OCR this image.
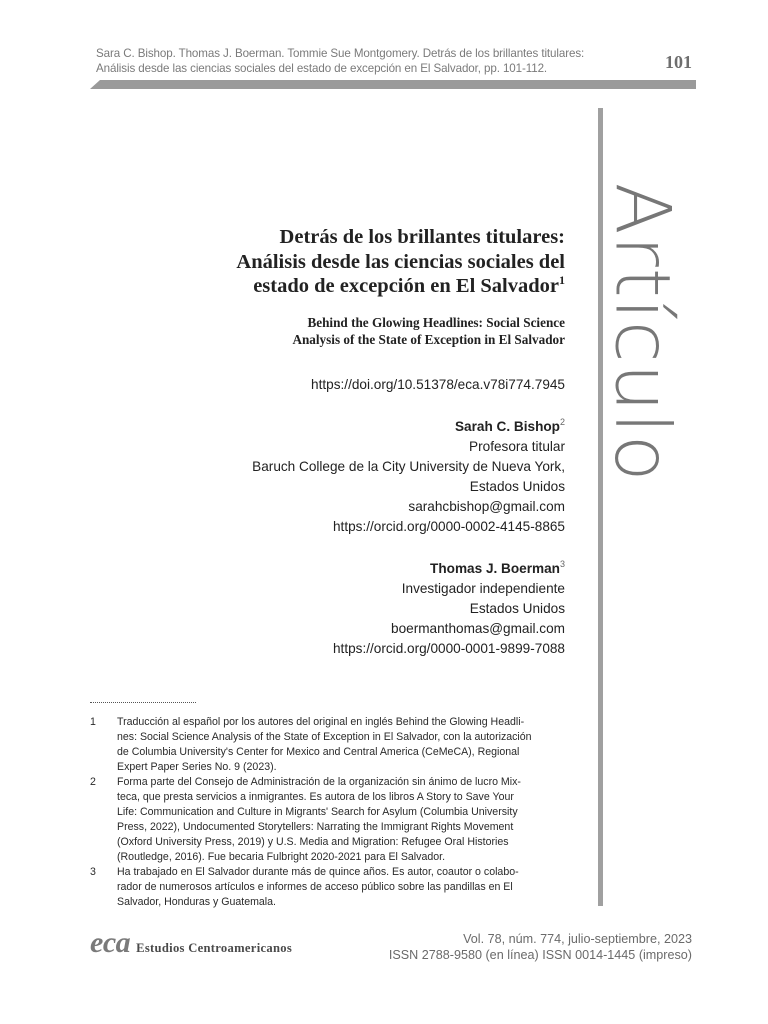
Sara C. Bishop. Thomas J. Boerman. Tommie Sue Montgomery. Detrás de los brillantes titulares:
Análisis desde las ciencias sociales del estado de excepción en El Salvador, pp. 101-112.	101
Artículo
Detrás de los brillantes titulares:
Análisis desde las ciencias sociales del
estado de excepción en El Salvador$^1$
Behind the Glowing Headlines: Social Science
Analysis of the State of Exception in El Salvador
https://doi.org/10.51378/eca.v78i774.7945
Sarah C. Bishop$^2$
Profesora titular
Baruch College de la City University de Nueva York,
Estados Unidos
sarahcbishop@gmail.com
https://orcid.org/0000-0002-4145-8865
Thomas J. Boerman$^3$
Investigador independiente
Estados Unidos
boermanthomas@gmail.com
https://orcid.org/0000-0001-9899-7088
1	Traducción al español por los autores del original en inglés Behind the Glowing Headli-
nes: Social Science Analysis of the State of Exception in El Salvador, con la autorización
de Columbia University's Center for Mexico and Central America (CeMeCA), Regional
Expert Paper Series No. 9 (2023).
2	Forma parte del Consejo de Administración de la organización sin ánimo de lucro Mix-
teca, que presta servicios a inmigrantes. Es autora de los libros A Story to Save Your
Life: Communication and Culture in Migrants' Search for Asylum (Columbia University
Press, 2022), Undocumented Storytellers: Narrating the Immigrant Rights Movement
(Oxford University Press, 2019) y U.S. Media and Migration: Refugee Oral Histories
(Routledge, 2016). Fue becaria Fulbright 2020-2021 para El Salvador.
3	Ha trabajado en El Salvador durante más de quince años. Es autor, coautor o colabo-
rador de numerosos artículos e informes de acceso público sobre las pandillas en El
Salvador, Honduras y Guatemala.
eca Estudios Centroamericanos
Vol. 78, núm. 774, julio-septiembre, 2023
ISSN 2788-9580 (en línea) ISSN 0014-1445 (impreso)
